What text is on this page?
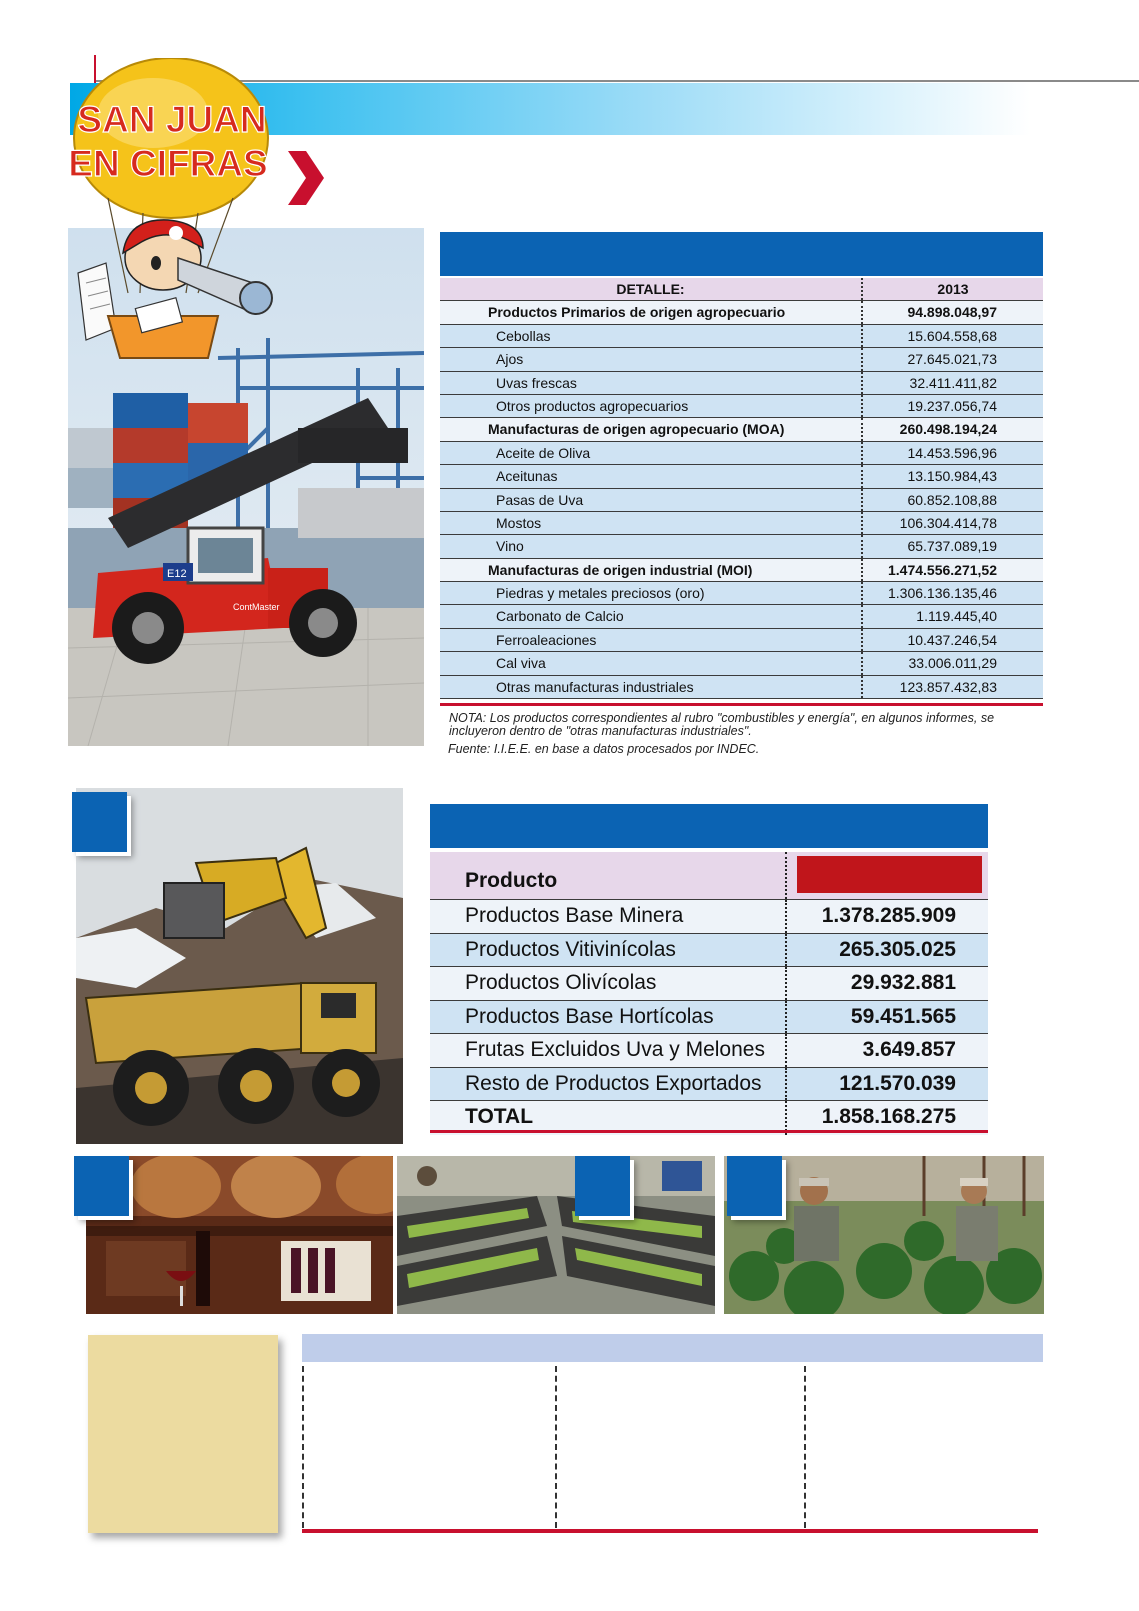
E12
ContMaster
SAN JUAN
EN CIFRAS
DETALLE:	2013
Productos Primarios de origen agropecuario	94.898.048,97
Cebollas	15.604.558,68
Ajos	27.645.021,73
Uvas frescas	32.411.411,82
Otros productos agropecuarios	19.237.056,74
Manufacturas de origen agropecuario (MOA)	260.498.194,24
Aceite de Oliva	14.453.596,96
Aceitunas	13.150.984,43
Pasas de Uva	60.852.108,88
Mostos	106.304.414,78
Vino	65.737.089,19
Manufacturas de origen industrial (MOI)	1.474.556.271,52
Piedras y metales preciosos (oro)	1.306.136.135,46
Carbonato de Calcio	1.119.445,40
Ferroaleaciones	10.437.246,54
Cal viva	33.006.011,29
Otras manufacturas industriales	123.857.432,83
NOTA: Los productos correspondientes al rubro "combustibles y energía", en algunos informes, se incluyeron dentro de "otras manufacturas industriales".
Fuente: I.I.E.E. en base a datos procesados por INDEC.
Producto
Productos Base Minera	1.378.285.909
Productos Vitivinícolas	265.305.025
Productos Olivícolas	29.932.881
Productos Base Hortícolas	59.451.565
Frutas Excluidos Uva y Melones	3.649.857
Resto de Productos Exportados	121.570.039
TOTAL	1.858.168.275
